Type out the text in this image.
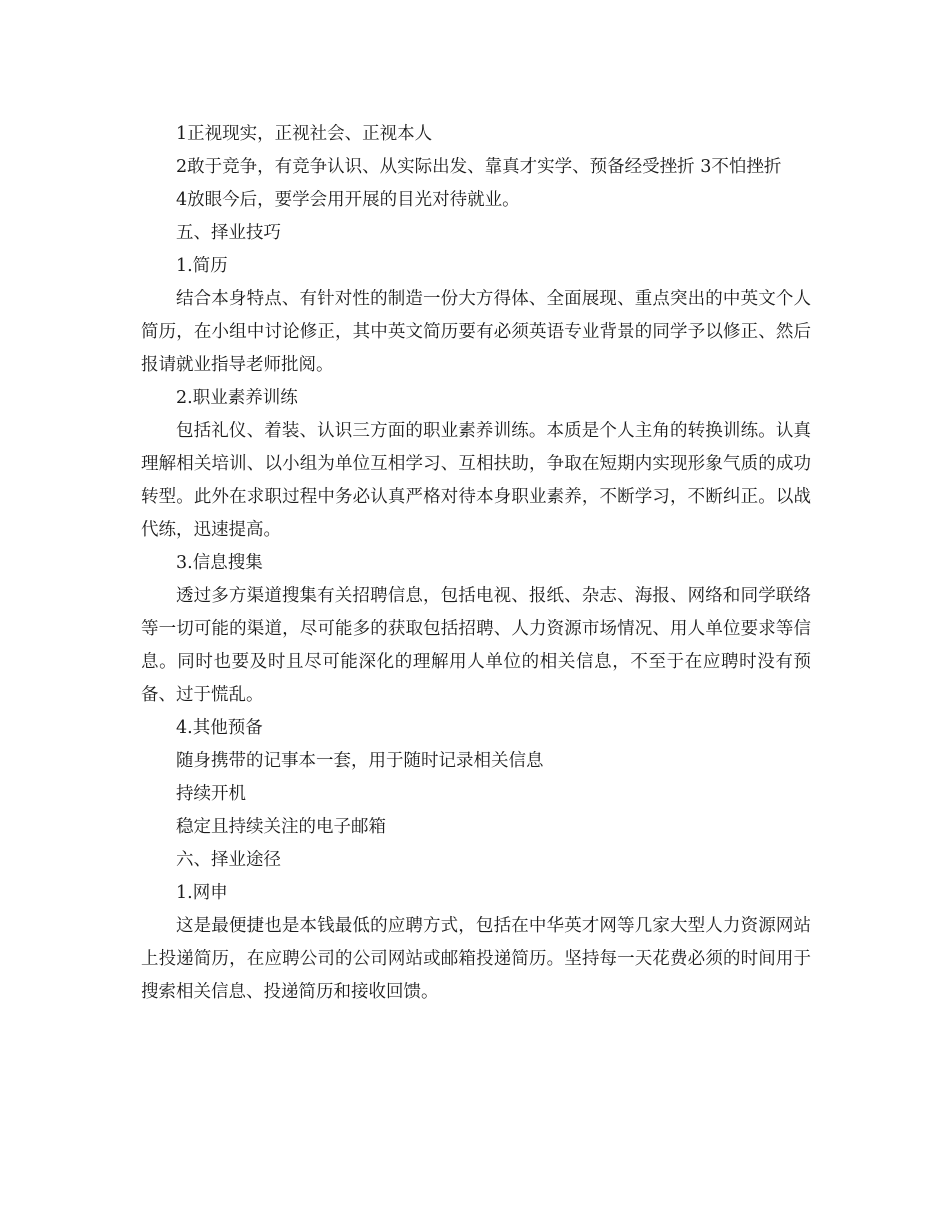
1正视现实，正视社会、正视本人

2敢于竞争，有竞争认识、从实际出发、靠真才实学、预备经受挫折 3不怕挫折

4放眼今后，要学会用开展的目光对待就业。

五、择业技巧

1.简历

结合本身特点、有针对性的制造一份大方得体、全面展现、重点突出的中英文个人简历，在小组中讨论修正，其中英文简历要有必须英语专业背景的同学予以修正、然后报请就业指导老师批阅。

2.职业素养训练

包括礼仪、着装、认识三方面的职业素养训练。本质是个人主角的转换训练。认真理解相关培训、以小组为单位互相学习、互相扶助，争取在短期内实现形象气质的成功转型。此外在求职过程中务必认真严格对待本身职业素养，不断学习，不断纠正。以战代练，迅速提高。

3.信息搜集

透过多方渠道搜集有关招聘信息，包括电视、报纸、杂志、海报、网络和同学联络等一切可能的渠道，尽可能多的获取包括招聘、人力资源市场情况、用人单位要求等信息。同时也要及时且尽可能深化的理解用人单位的相关信息，不至于在应聘时没有预备、过于慌乱。

4.其他预备

随身携带的记事本一套，用于随时记录相关信息

持续开机

稳定且持续关注的电子邮箱

六、择业途径

1.网申

这是最便捷也是本钱最低的应聘方式，包括在中华英才网等几家大型人力资源网站上投递简历，在应聘公司的公司网站或邮箱投递简历。坚持每一天花费必须的时间用于搜索相关信息、投递简历和接收回馈。
